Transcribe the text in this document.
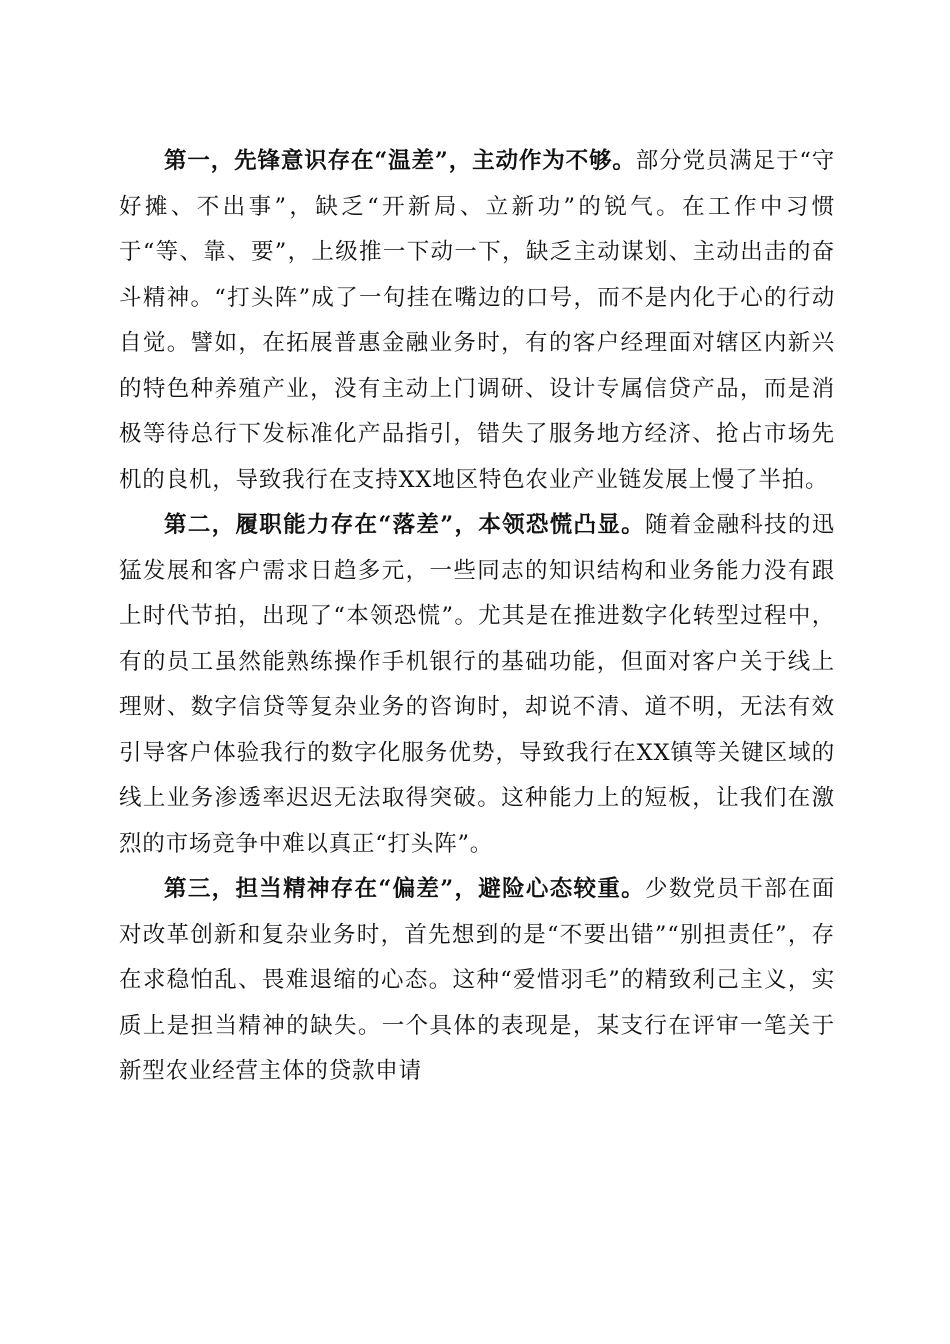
第一，先锋意识存在“温差”，主动作为不够。部分党员满足于“守好摊、不出事”，缺乏“开新局、立新功”的锐气。在工作中习惯于“等、靠、要”，上级推一下动一下，缺乏主动谋划、主动出击的奋斗精神。“打头阵”成了一句挂在嘴边的口号，而不是内化于心的行动自觉。譬如，在拓展普惠金融业务时，有的客户经理面对辖区内新兴的特色种养殖产业，没有主动上门调研、设计专属信贷产品，而是消极等待总行下发标准化产品指引，错失了服务地方经济、抢占市场先机的良机，导致我行在支持XX地区特色农业产业链发展上慢了半拍。

第二，履职能力存在“落差”，本领恐慌凸显。随着金融科技的迅猛发展和客户需求日趋多元，一些同志的知识结构和业务能力没有跟上时代节拍，出现了“本领恐慌”。尤其是在推进数字化转型过程中，有的员工虽然能熟练操作手机银行的基础功能，但面对客户关于线上理财、数字信贷等复杂业务的咨询时，却说不清、道不明，无法有效引导客户体验我行的数字化服务优势，导致我行在XX镇等关键区域的线上业务渗透率迟迟无法取得突破。这种能力上的短板，让我们在激烈的市场竞争中难以真正“打头阵”。

第三，担当精神存在“偏差”，避险心态较重。少数党员干部在面对改革创新和复杂业务时，首先想到的是“不要出错”“别担责任”，存在求稳怕乱、畏难退缩的心态。这种“爱惜羽毛”的精致利己主义，实质上是担当精神的缺失。一个具体的表现是，某支行在评审一笔关于新型农业经营主体的贷款申请
